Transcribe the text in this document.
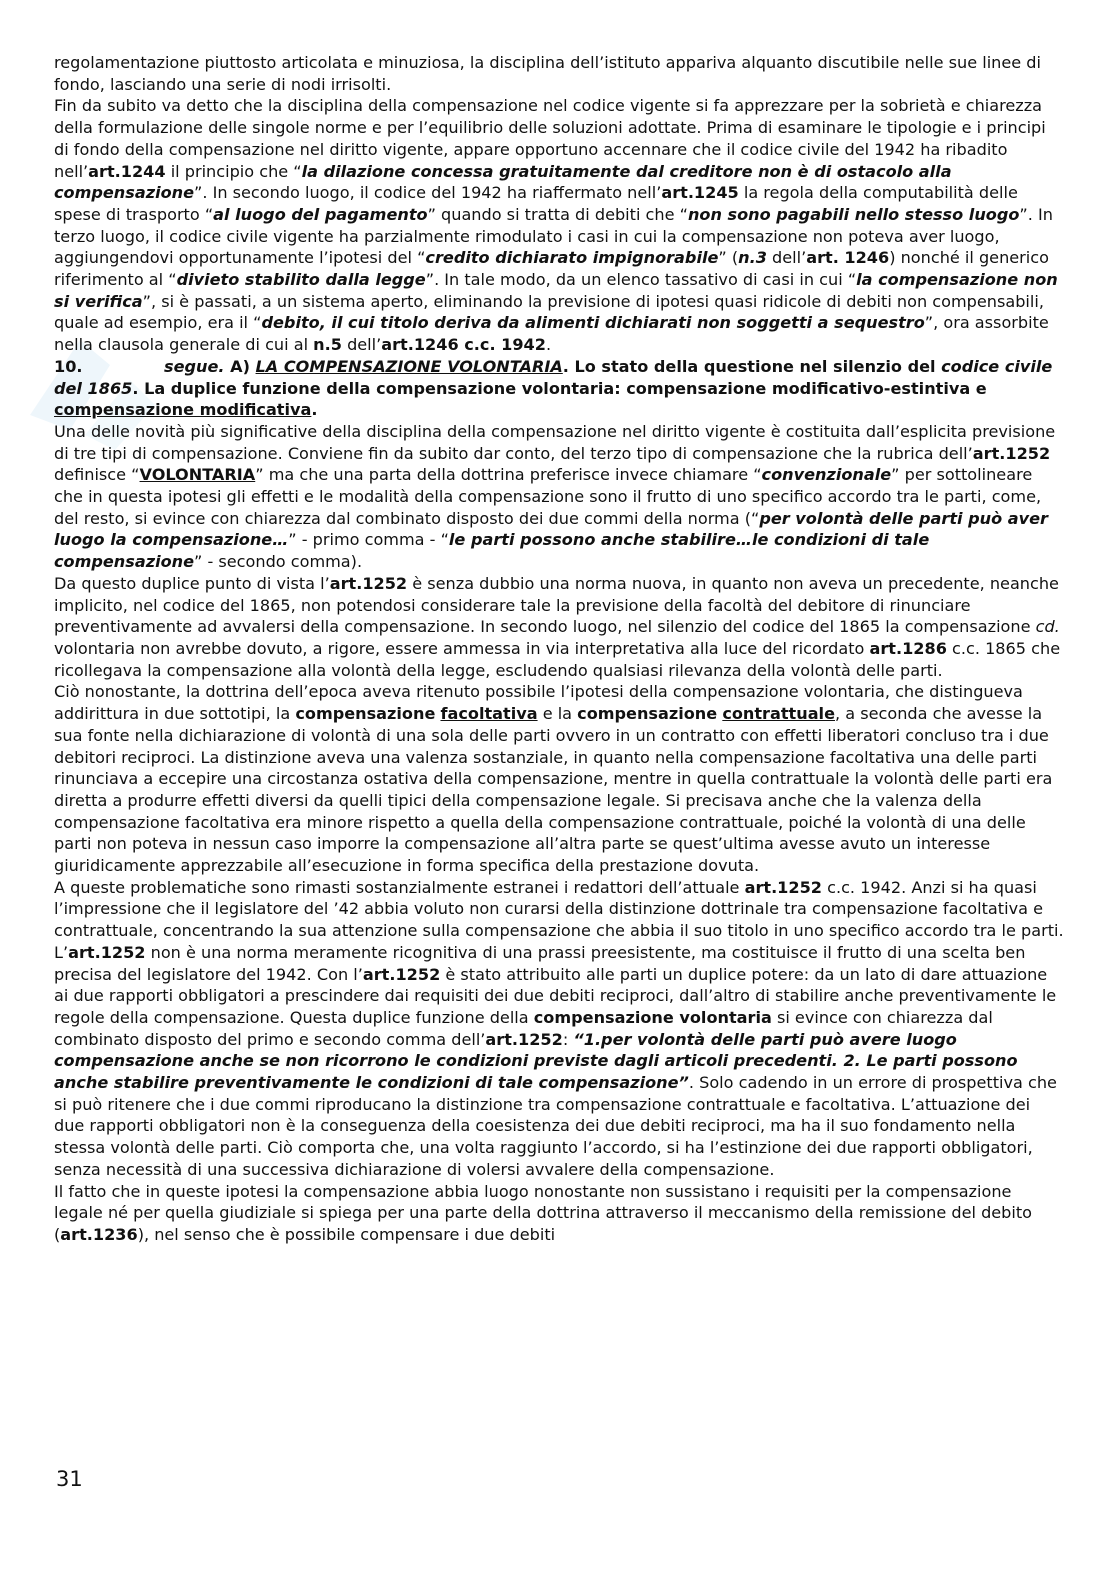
regolamentazione piuttosto articolata e minuziosa, la disciplina dell’istituto appariva alquanto discutibile nelle sue linee di fondo, lasciando una serie di nodi irrisolti.

Fin da subito va detto che la disciplina della compensazione nel codice vigente si fa apprezzare per la sobrietà e chiarezza della formulazione delle singole norme e per l’equilibrio delle soluzioni adottate. Prima di esaminare le tipologie e i principi di fondo della compensazione nel diritto vigente, appare opportuno accennare che il codice civile del 1942 ha ribadito nell’art.1244 il principio che “la dilazione concessa gratuitamente dal creditore non è di ostacolo alla compensazione”. In secondo luogo, il codice del 1942 ha riaffermato nell’art.1245 la regola della computabilità delle spese di trasporto “al luogo del pagamento” quando si tratta di debiti che “non sono pagabili nello stesso luogo”. In terzo luogo, il codice civile vigente ha parzialmente rimodulato i casi in cui la compensazione non poteva aver luogo, aggiungendovi opportunamente l’ipotesi del “credito dichiarato impignorabile” (n.3 dell’art. 1246) nonché il generico riferimento al “divieto stabilito dalla legge”. In tale modo, da un elenco tassativo di casi in cui “la compensazione non si verifica”, si è passati, a un sistema aperto, eliminando la previsione di ipotesi quasi ridicole di debiti non compensabili, quale ad esempio, era il “debito, il cui titolo deriva da alimenti dichiarati non soggetti a sequestro”, ora assorbite nella clausola generale di cui al n.5 dell’art.1246 c.c. 1942.

10.	segue. A) LA COMPENSAZIONE VOLONTARIA. Lo stato della questione nel silenzio del codice civile del 1865. La duplice funzione della compensazione volontaria: compensazione modificativo-estintiva e compensazione modificativa.

Una delle novità più significative della disciplina della compensazione nel diritto vigente è costituita dall’esplicita previsione di tre tipi di compensazione. Conviene fin da subito dar conto, del terzo tipo di compensazione che la rubrica dell’art.1252 definisce “VOLONTARIA” ma che una parta della dottrina preferisce invece chiamare “convenzionale” per sottolineare che in questa ipotesi gli effetti e le modalità della compensazione sono il frutto di uno specifico accordo tra le parti, come, del resto, si evince con chiarezza dal combinato disposto dei due commi della norma (“per volontà delle parti può aver luogo la compensazione…” - primo comma - “le parti possono anche stabilire…le condizioni di tale compensazione” - secondo comma).

Da questo duplice punto di vista l’art.1252 è senza dubbio una norma nuova, in quanto non aveva un precedente, neanche implicito, nel codice del 1865, non potendosi considerare tale la previsione della facoltà del debitore di rinunciare preventivamente ad avvalersi della compensazione. In secondo luogo, nel silenzio del codice del 1865 la compensazione cd. volontaria non avrebbe dovuto, a rigore, essere ammessa in via interpretativa alla luce del ricordato art.1286 c.c. 1865 che ricollegava la compensazione alla volontà della legge, escludendo qualsiasi rilevanza della volontà delle parti.

Ciò nonostante, la dottrina dell’epoca aveva ritenuto possibile l’ipotesi della compensazione volontaria, che distingueva addirittura in due sottotipi, la compensazione facoltativa e la compensazione contrattuale, a seconda che avesse la sua fonte nella dichiarazione di volontà di una sola delle parti ovvero in un contratto con effetti liberatori concluso tra i due debitori reciproci. La distinzione aveva una valenza sostanziale, in quanto nella compensazione facoltativa una delle parti rinunciava a eccepire una circostanza ostativa della compensazione, mentre in quella contrattuale la volontà delle parti era diretta a produrre effetti diversi da quelli tipici della compensazione legale. Si precisava anche che la valenza della compensazione facoltativa era minore rispetto a quella della compensazione contrattuale, poiché la volontà di una delle parti non poteva in nessun caso imporre la compensazione all’altra parte se quest’ultima avesse avuto un interesse giuridicamente apprezzabile all’esecuzione in forma specifica della prestazione dovuta.

A queste problematiche sono rimasti sostanzialmente estranei i redattori dell’attuale art.1252 c.c. 1942. Anzi si ha quasi l’impressione che il legislatore del ’42 abbia voluto non curarsi della distinzione dottrinale tra compensazione facoltativa e contrattuale, concentrando la sua attenzione sulla compensazione che abbia il suo titolo in uno specifico accordo tra le parti. L’art.1252 non è una norma meramente ricognitiva di una prassi preesistente, ma costituisce il frutto di una scelta ben precisa del legislatore del 1942. Con l’art.1252 è stato attribuito alle parti un duplice potere: da un lato di dare attuazione ai due rapporti obbligatori a prescindere dai requisiti dei due debiti reciproci, dall’altro di stabilire anche preventivamente le regole della compensazione. Questa duplice funzione della compensazione volontaria si evince con chiarezza dal combinato disposto del primo e secondo comma dell’art.1252: “1.per volontà delle parti può avere luogo compensazione anche se non ricorrono le condizioni previste dagli articoli precedenti. 2. Le parti possono anche stabilire preventivamente le condizioni di tale compensazione”. Solo cadendo in un errore di prospettiva che si può ritenere che i due commi riproducano la distinzione tra compensazione contrattuale e facoltativa. L’attuazione dei due rapporti obbligatori non è la conseguenza della coesistenza dei due debiti reciproci, ma ha il suo fondamento nella stessa volontà delle parti. Ciò comporta che, una volta raggiunto l’accordo, si ha l’estinzione dei due rapporti obbligatori, senza necessità di una successiva dichiarazione di volersi avvalere della compensazione.

Il fatto che in queste ipotesi la compensazione abbia luogo nonostante non sussistano i requisiti per la compensazione legale né per quella giudiziale si spiega per una parte della dottrina attraverso il meccanismo della remissione del debito (art.1236), nel senso che è possibile compensare i due debiti

31
